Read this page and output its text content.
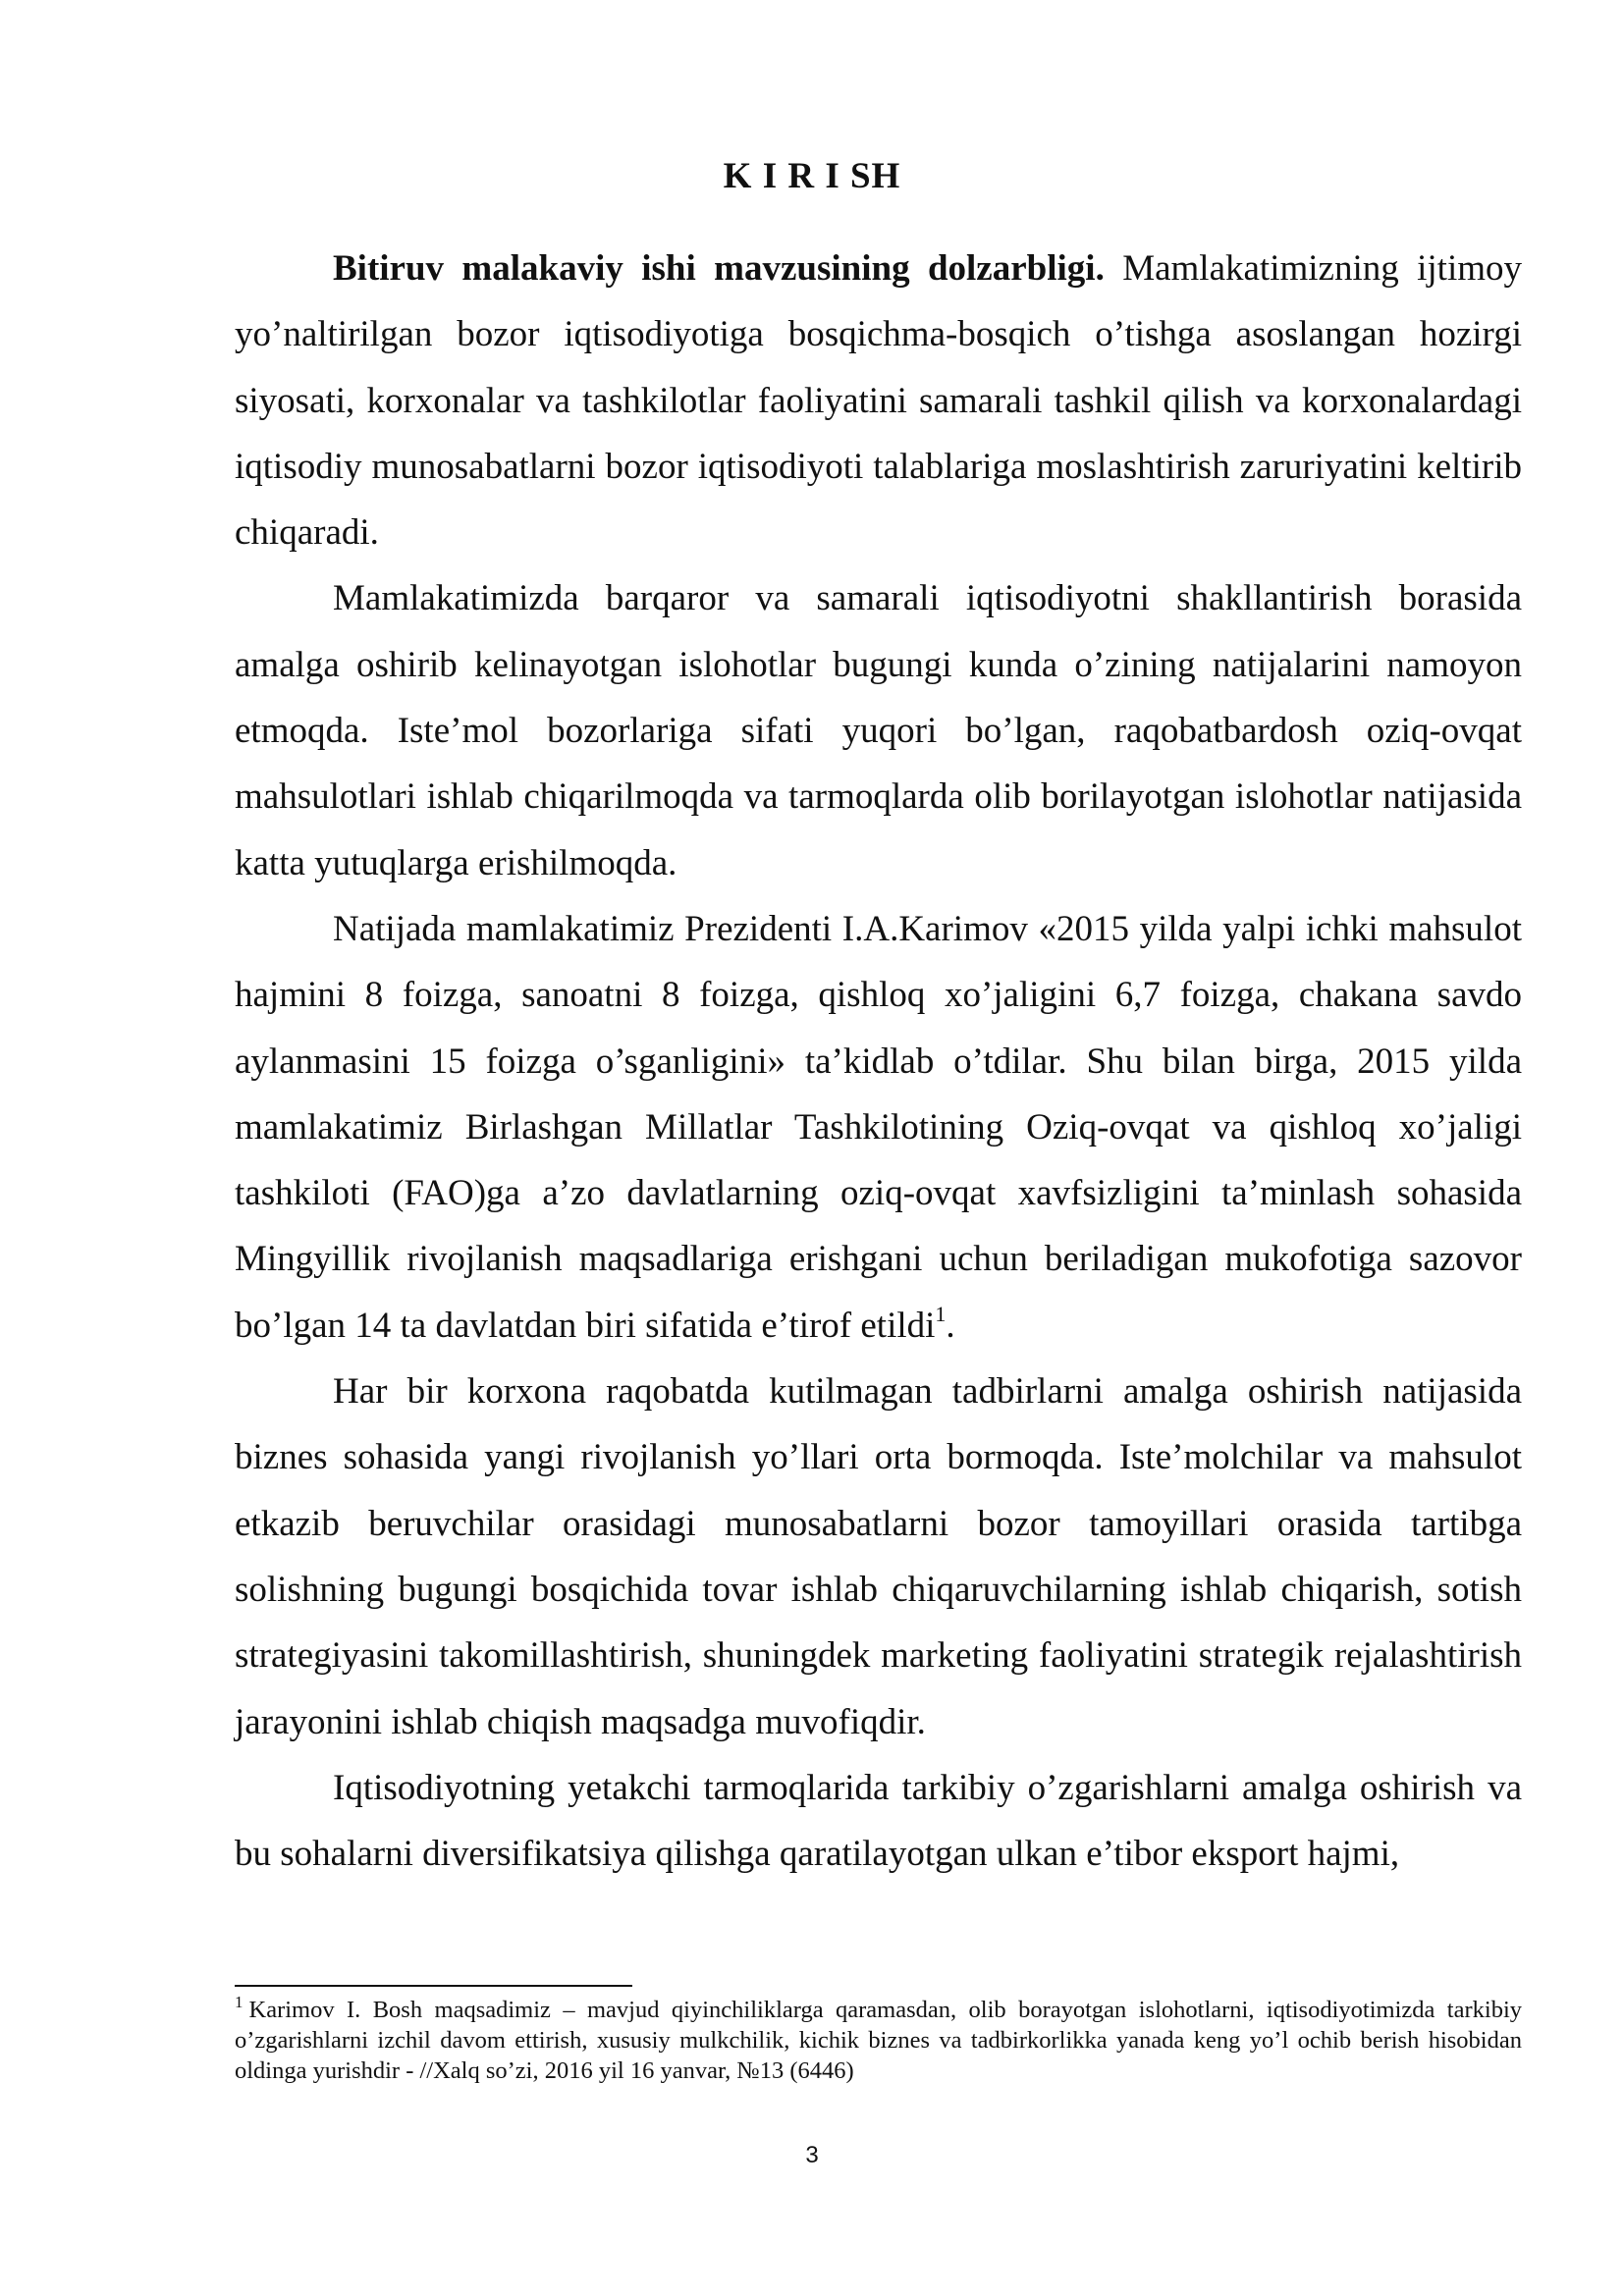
K I R I SH

Bitiruv malakaviy ishi mavzusining dolzarbligi. Mamlakatimizning ijtimoy yo’naltirilgan bozor iqtisodiyotiga bosqichma-bosqich o’tishga asoslangan hozirgi siyosati, korxonalar va tashkilotlar faoliyatini samarali tashkil qilish va korxonalardagi iqtisodiy munosabatlarni bozor iqtisodiyoti talablariga moslashtirish zaruriyatini keltirib chiqaradi.

Mamlakatimizda barqaror va samarali iqtisodiyotni shakllantirish borasida amalga oshirib kelinayotgan islohotlar bugungi kunda o’zining natijalarini namoyon etmoqda. Iste’mol bozorlariga sifati yuqori bo’lgan, raqobatbardosh oziq-ovqat mahsulotlari ishlab chiqarilmoqda va tarmoqlarda olib borilayotgan islohotlar natijasida katta yutuqlarga erishilmoqda.

Natijada mamlakatimiz Prezidenti I.A.Karimov «2015 yilda yalpi ichki mahsulot hajmini 8 foizga, sanoatni 8 foizga, qishloq xo’jaligini 6,7 foizga, chakana savdo aylanmasini 15 foizga o’sganligini» ta’kidlab o’tdilar. Shu bilan birga, 2015 yilda mamlakatimiz Birlashgan Millatlar Tashkilotining Oziq-ovqat va qishloq xo’jaligi tashkiloti (FAO)ga a’zo davlatlarning oziq-ovqat xavfsizligini ta’minlash sohasida Mingyillik rivojlanish maqsadlariga erishgani uchun beriladigan mukofotiga sazovor bo’lgan 14 ta davlatdan biri sifatida e’tirof etildi$^1$.

Har bir korxona raqobatda kutilmagan tadbirlarni amalga oshirish natijasida biznes sohasida yangi rivojlanish yo’llari orta bormoqda. Iste’molchilar va mahsulot etkazib beruvchilar orasidagi munosabatlarni bozor tamoyillari orasida tartibga solishning bugungi bosqichida tovar ishlab chiqaruvchilarning ishlab chiqarish, sotish strategiyasini takomillashtirish, shuningdek marketing faoliyatini strategik rejalashtirish jarayonini ishlab chiqish maqsadga muvofiqdir.

Iqtisodiyotning yetakchi tarmoqlarida tarkibiy o’zgarishlarni amalga oshirish va bu sohalarni diversifikatsiya qilishga qaratilayotgan ulkan e’tibor eksport hajmi,

$^1$ Karimov I. Bosh maqsadimiz – mavjud qiyinchiliklarga qaramasdan, olib borayotgan islohotlarni, iqtisodiyotimizda tarkibiy o’zgarishlarni izchil davom ettirish, xususiy mulkchilik, kichik biznes va tadbirkorlikka yanada keng yo’l ochib berish hisobidan oldinga yurishdir - //Xalq so’zi, 2016 yil 16 yanvar, №13 (6446)

3
